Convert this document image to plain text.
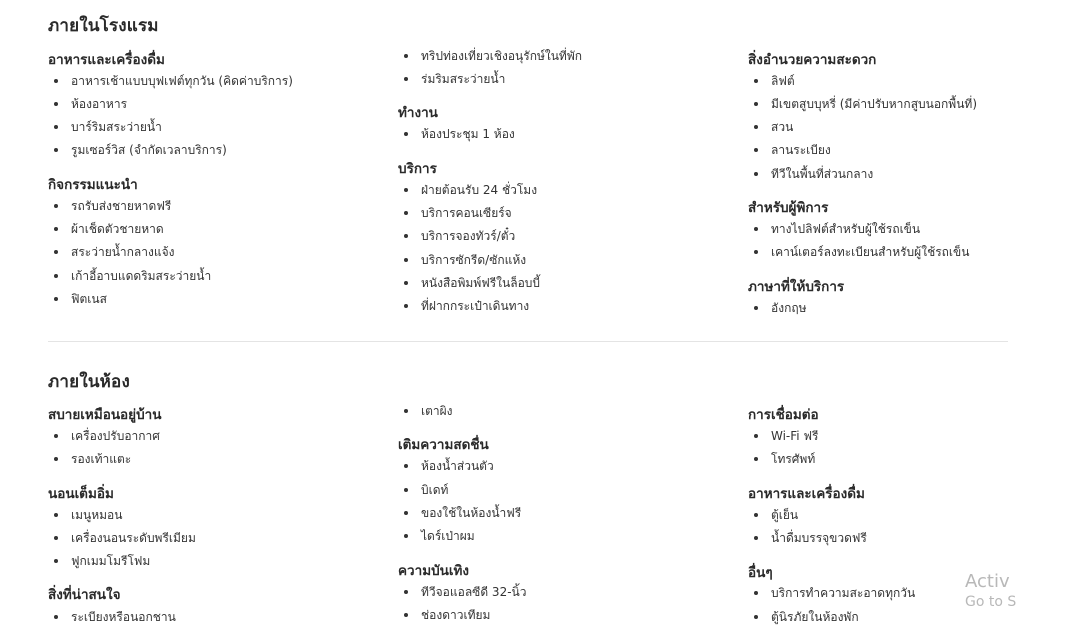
ภายในโรงแรม
อาหารและเครื่องดื่ม
อาหารเช้าแบบบุฟเฟต์ทุกวัน (คิดค่าบริการ)
ห้องอาหาร
บาร์ริมสระว่ายน้ำ
รูมเซอร์วิส (จำกัดเวลาบริการ)
กิจกรรมแนะนำ
รถรับส่งชายหาดฟรี
ผ้าเช็ดตัวชายหาด
สระว่ายน้ำกลางแจ้ง
เก้าอี้อาบแดดริมสระว่ายน้ำ
ฟิตเนส
ทริปท่องเที่ยวเชิงอนุรักษ์ในที่พัก
ร่มริมสระว่ายน้ำ
ทำงาน
ห้องประชุม 1 ห้อง
บริการ
ฝ่ายต้อนรับ 24 ชั่วโมง
บริการคอนเซียร์จ
บริการจองทัวร์/ตั๋ว
บริการซักรีด/ซักแห้ง
หนังสือพิมพ์ฟรีในล็อบบี้
ที่ฝากกระเป๋าเดินทาง
สิ่งอำนวยความสะดวก
ลิฟต์
มีเขตสูบบุหรี่ (มีค่าปรับหากสูบนอกพื้นที่)
สวน
ลานระเบียง
ทีวีในพื้นที่ส่วนกลาง
สำหรับผู้พิการ
ทางไปลิฟต์สำหรับผู้ใช้รถเข็น
เคาน์เตอร์ลงทะเบียนสำหรับผู้ใช้รถเข็น
ภาษาที่ให้บริการ
อังกฤษ
ภายในห้อง
สบายเหมือนอยู่บ้าน
เครื่องปรับอากาศ
รองเท้าแตะ
นอนเต็มอิ่ม
เมนูหมอน
เครื่องนอนระดับพรีเมียม
ฟูกเมมโมรีโฟม
สิ่งที่น่าสนใจ
ระเบียงหรือนอกชาน
เตาผิง
เติมความสดชื่น
ห้องน้ำส่วนตัว
บิเดท์
ของใช้ในห้องน้ำฟรี
ไดร์เป่าผม
ความบันเทิง
ทีวีจอแอลซีดี 32-นิ้ว
ช่องดาวเทียม
การเชื่อมต่อ
Wi-Fi ฟรี
โทรศัพท์
อาหารและเครื่องดื่ม
ตู้เย็น
น้ำดื่มบรรจุขวดฟรี
อื่นๆ
บริการทำความสะอาดทุกวัน
ตู้นิรภัยในห้องพัก
Activ
Go to S
